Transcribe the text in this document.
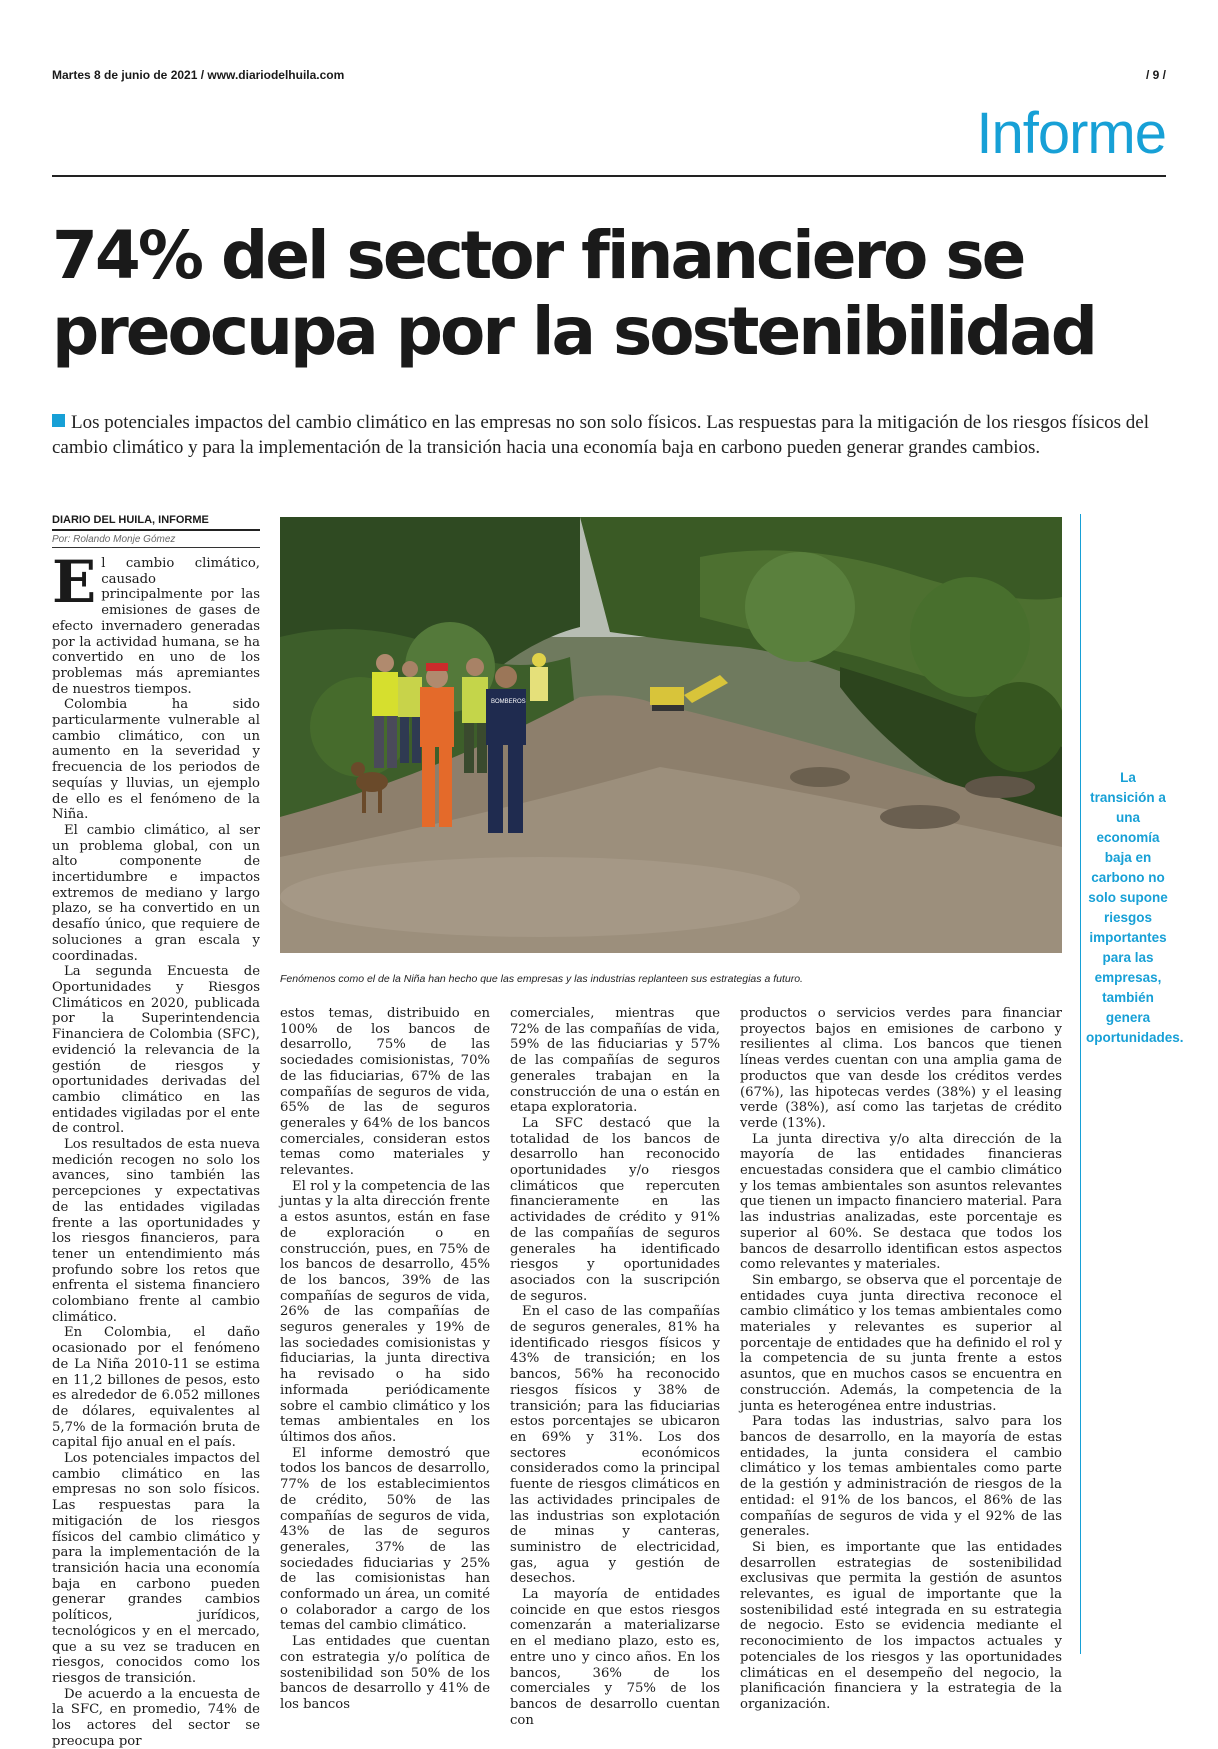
Martes 8 de junio de 2021 / www.diariodelhuila.com	/ 9 /
Informe
74% del sector financiero se preocupa por la sostenibilidad

Los potenciales impactos del cambio climático en las empresas no son solo físicos. Las respuestas para la mitigación de los riesgos físicos del cambio climático y para la implementación de la transición hacia una economía baja en carbono pueden generar grandes cambios.

DIARIO DEL HUILA, INFORME
Por: Rolando Monje Gómez

El cambio climático, causado principalmente por las emisiones de gases de efecto invernadero generadas por la actividad humana, se ha convertido en uno de los problemas más apremiantes de nuestros tiempos.

Colombia ha sido particularmente vulnerable al cambio climático, con un aumento en la severidad y frecuencia de los periodos de sequías y lluvias, un ejemplo de ello es el fenómeno de la Niña.

El cambio climático, al ser un problema global, con un alto componente de incertidumbre e impactos extremos de mediano y largo plazo, se ha convertido en un desafío único, que requiere de soluciones a gran escala y coordinadas.

La segunda Encuesta de Oportunidades y Riesgos Climáticos en 2020, publicada por la Superintendencia Financiera de Colombia (SFC), evidenció la relevancia de la gestión de riesgos y oportunidades derivadas del cambio climático en las entidades vigiladas por el ente de control.

Los resultados de esta nueva medición recogen no solo los avances, sino también las percepciones y expectativas de las entidades vigiladas frente a las oportunidades y los riesgos financieros, para tener un entendimiento más profundo sobre los retos que enfrenta el sistema financiero colombiano frente al cambio climático.

En Colombia, el daño ocasionado por el fenómeno de La Niña 2010-11 se estima en 11,2 billones de pesos, esto es alrededor de 6.052 millones de dólares, equivalentes al 5,7% de la formación bruta de capital fijo anual en el país.

Los potenciales impactos del cambio climático en las empresas no son solo físicos. Las respuestas para la mitigación de los riesgos físicos del cambio climático y para la implementación de la transición hacia una economía baja en carbono pueden generar grandes cambios políticos, jurídicos, tecnológicos y en el mercado, que a su vez se traducen en riesgos, conocidos como los riesgos de transición.

De acuerdo a la encuesta de la SFC, en promedio, 74% de los actores del sector se preocupa por

BOMBEROS
Fenómenos como el de la Niña han hecho que las empresas y las industrias replanteen sus estrategias a futuro.

estos temas, distribuido en 100% de los bancos de desarrollo, 75% de las sociedades comisionistas, 70% de las fiduciarias, 67% de las compañías de seguros de vida, 65% de las de seguros generales y 64% de los bancos comerciales, consideran estos temas como materiales y relevantes.

El rol y la competencia de las juntas y la alta dirección frente a estos asuntos, están en fase de exploración o en construcción, pues, en 75% de los bancos de desarrollo, 45% de los bancos, 39% de las compañías de seguros de vida, 26% de las compañías de seguros generales y 19% de las sociedades comisionistas y fiduciarias, la junta directiva ha revisado o ha sido informada periódicamente sobre el cambio climático y los temas ambientales en los últimos dos años.

El informe demostró que todos los bancos de desarrollo, 77% de los establecimientos de crédito, 50% de las compañías de seguros de vida, 43% de las de seguros generales, 37% de las sociedades fiduciarias y 25% de las comisionistas han conformado un área, un comité o colaborador a cargo de los temas del cambio climático.

Las entidades que cuentan con estrategia y/o política de sostenibilidad son 50% de los bancos de desarrollo y 41% de los bancos

comerciales, mientras que 72% de las compañías de vida, 59% de las fiduciarias y 57% de las compañías de seguros generales trabajan en la construcción de una o están en etapa exploratoria.

La SFC destacó que la totalidad de los bancos de desarrollo han reconocido oportunidades y/o riesgos climáticos que repercuten financieramente en las actividades de crédito y 91% de las compañías de seguros generales ha identificado riesgos y oportunidades asociados con la suscripción de seguros.

En el caso de las compañías de seguros generales, 81% ha identificado riesgos físicos y 43% de transición; en los bancos, 56% ha reconocido riesgos físicos y 38% de transición; para las fiduciarias estos porcentajes se ubicaron en 69% y 31%. Los dos sectores económicos considerados como la principal fuente de riesgos climáticos en las actividades principales de las industrias son explotación de minas y canteras, suministro de electricidad, gas, agua y gestión de desechos.

La mayoría de entidades coincide en que estos riesgos comenzarán a materializarse en el mediano plazo, esto es, entre uno y cinco años. En los bancos, 36% de los comerciales y 75% de los bancos de desarrollo cuentan con

productos o servicios verdes para financiar proyectos bajos en emisiones de carbono y resilientes al clima. Los bancos que tienen líneas verdes cuentan con una amplia gama de productos que van desde los créditos verdes (67%), las hipotecas verdes (38%) y el leasing verde (38%), así como las tarjetas de crédito verde (13%).

La junta directiva y/o alta dirección de la mayoría de las entidades financieras encuestadas considera que el cambio climático y los temas ambientales son asuntos relevantes que tienen un impacto financiero material. Para las industrias analizadas, este porcentaje es superior al 60%. Se destaca que todos los bancos de desarrollo identifican estos aspectos como relevantes y materiales.

Sin embargo, se observa que el porcentaje de entidades cuya junta directiva reconoce el cambio climático y los temas ambientales como materiales y relevantes es superior al porcentaje de entidades que ha definido el rol y la competencia de su junta frente a estos asuntos, que en muchos casos se encuentra en construcción. Además, la competencia de la junta es heterogénea entre industrias.

Para todas las industrias, salvo para los bancos de desarrollo, en la mayoría de estas entidades, la junta considera el cambio climático y los temas ambientales como parte de la gestión y administración de riesgos de la entidad: el 91% de los bancos, el 86% de las compañías de seguros de vida y el 92% de las generales.

Si bien, es importante que las entidades desarrollen estrategias de sostenibilidad exclusivas que permita la gestión de asuntos relevantes, es igual de importante que la sostenibilidad esté integrada en su estrategia de negocio. Esto se evidencia mediante el reconocimiento de los impactos actuales y potenciales de los riesgos y las oportunidades climáticas en el desempeño del negocio, la planificación financiera y la estrategia de la organización.

La transición a una economía baja en carbono no solo supone riesgos importantes para las empresas, también genera oportunidades.
